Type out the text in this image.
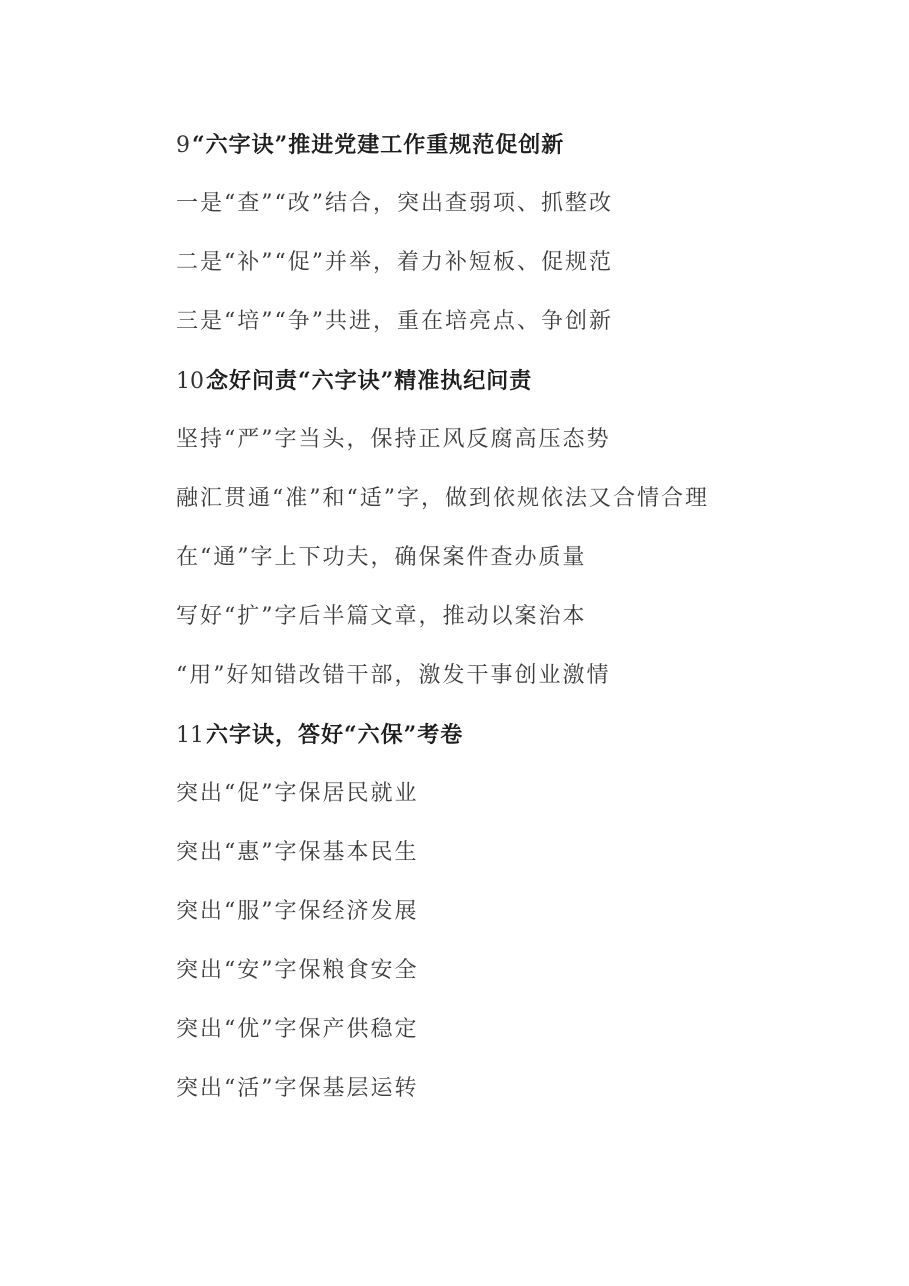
9“六字诀”推进党建工作重规范促创新
一是“查”“改”结合，突出查弱项、抓整改
二是“补”“促”并举，着力补短板、促规范
三是“培”“争”共进，重在培亮点、争创新
10念好问责“六字诀”精准执纪问责
坚持“严”字当头，保持正风反腐高压态势
融汇贯通“准”和“适”字，做到依规依法又合情合理
在“通”字上下功夫，确保案件查办质量
写好“扩”字后半篇文章，推动以案治本
“用”好知错改错干部，激发干事创业激情
11六字诀，答好“六保”考卷
突出“促”字保居民就业
突出“惠”字保基本民生
突出“服”字保经济发展
突出“安”字保粮食安全
突出“优”字保产供稳定
突出“活”字保基层运转
